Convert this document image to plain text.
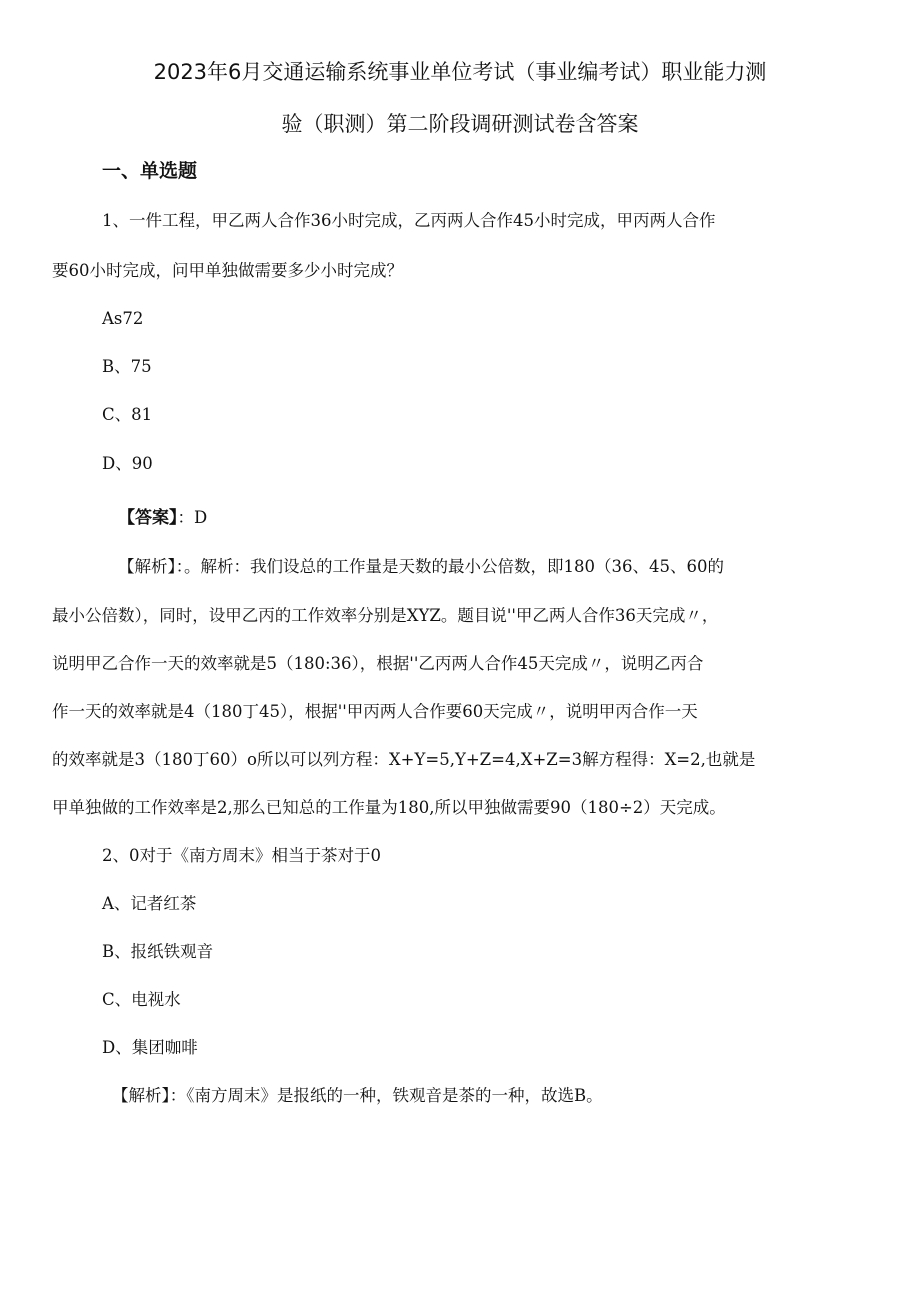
2023年6月交通运输系统事业单位考试（事业编考试）职业能力测
验（职测）第二阶段调研测试卷含答案
一、单选题
1、一件工程，甲乙两人合作36小时完成，乙丙两人合作45小时完成，甲丙两人合作
要60小时完成，问甲单独做需要多少小时完成？
As72
B、75
C、81
D、90
【答案】：D
【解析】：。解析：我们设总的工作量是天数的最小公倍数，即180（36、45、60的
最小公倍数），同时，设甲乙丙的工作效率分别是XYZ。题目说''甲乙两人合作36天完成〃，
说明甲乙合作一天的效率就是5（180:36），根据''乙丙两人合作45天完成〃，说明乙丙合
作一天的效率就是4（180丁45），根据''甲丙两人合作要60天完成〃，说明甲丙合作一天
的效率就是3（180丁60）o所以可以列方程：X+Y=5,Y+Z=4,X+Z=3解方程得：X=2,也就是
甲单独做的工作效率是2,那么已知总的工作量为180,所以甲独做需要90（180÷2）天完成。
2、0对于《南方周末》相当于茶对于0
A、记者红茶
B、报纸铁观音
C、电视水
D、集团咖啡
【解析】：《南方周末》是报纸的一种，铁观音是茶的一种，故选B。
